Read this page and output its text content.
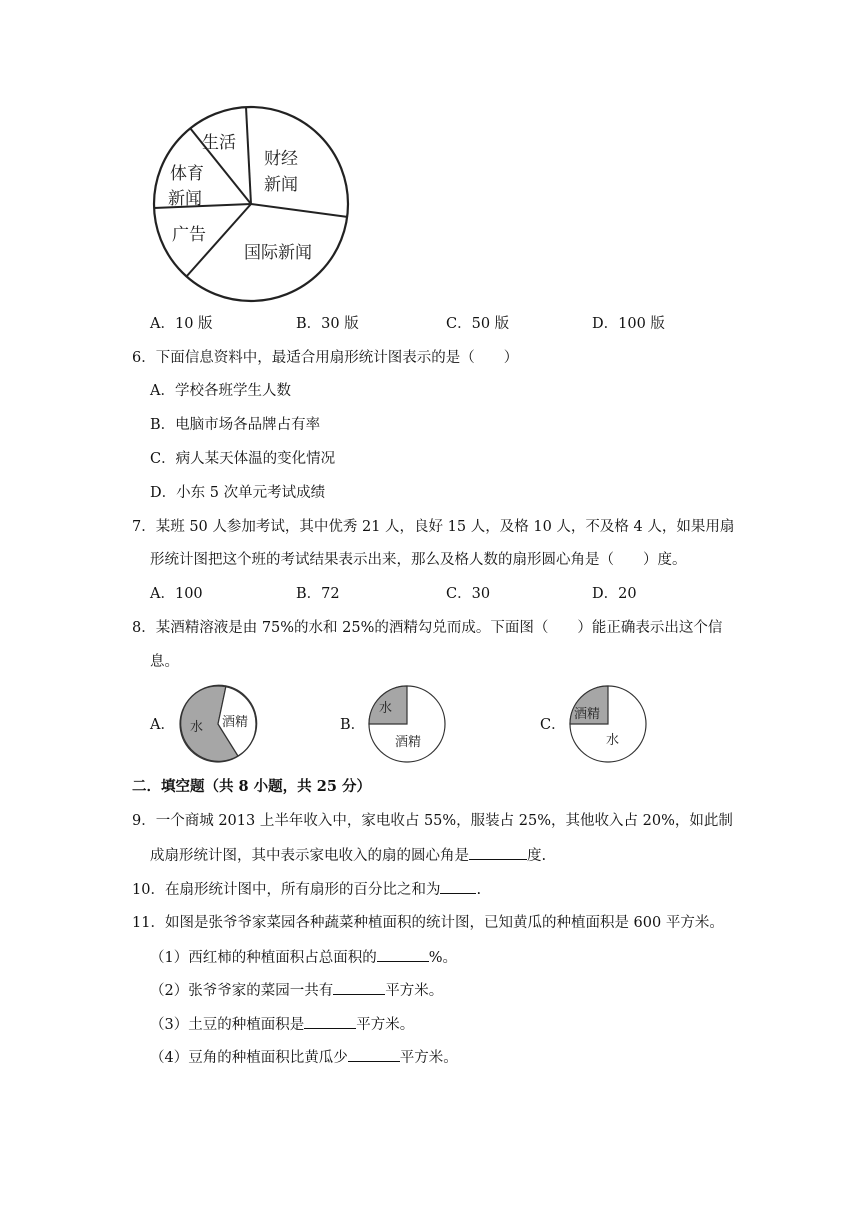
生活
财经
新闻
体育
新闻
广告
国际新闻
A．10 版	B．30 版	C．50 版	D．100 版
6．下面信息资料中，最适合用扇形统计图表示的是（　　）
A．学校各班学生人数
B．电脑市场各品牌占有率
C．病人某天体温的变化情况
D．小东 5 次单元考试成绩
7．某班 50 人参加考试，其中优秀 21 人，良好 15 人，及格 10 人，不及格 4 人，如果用扇
形统计图把这个班的考试结果表示出来，那么及格人数的扇形圆心角是（　　）度。
A．100	B．72	C．30	D．20
8．某酒精溶液是由 75%的水和 25%的酒精勾兑而成。下面图（　　）能正确表示出这个信
息。
A． 水 酒精	B．
水
酒精
C．
酒精
水
二．填空题（共 8 小题，共 25 分）
9．一个商城 2013 上半年收入中，家电收占 55%，服装占 25%，其他收入占 20%，如此制
成扇形统计图，其中表示家电收入的扇的圆心角是	度.
10．在扇形统计图中，所有扇形的百分比之和为 .
11．如图是张爷爷家菜园各种蔬菜种植面积的统计图，已知黄瓜的种植面积是 600 平方米。
（1）西红柿的种植面积占总面积的	%。
（2）张爷爷家的菜园一共有	平方米。
（3）土豆的种植面积是	平方米。
（4）豆角的种植面积比黄瓜少	平方米。
